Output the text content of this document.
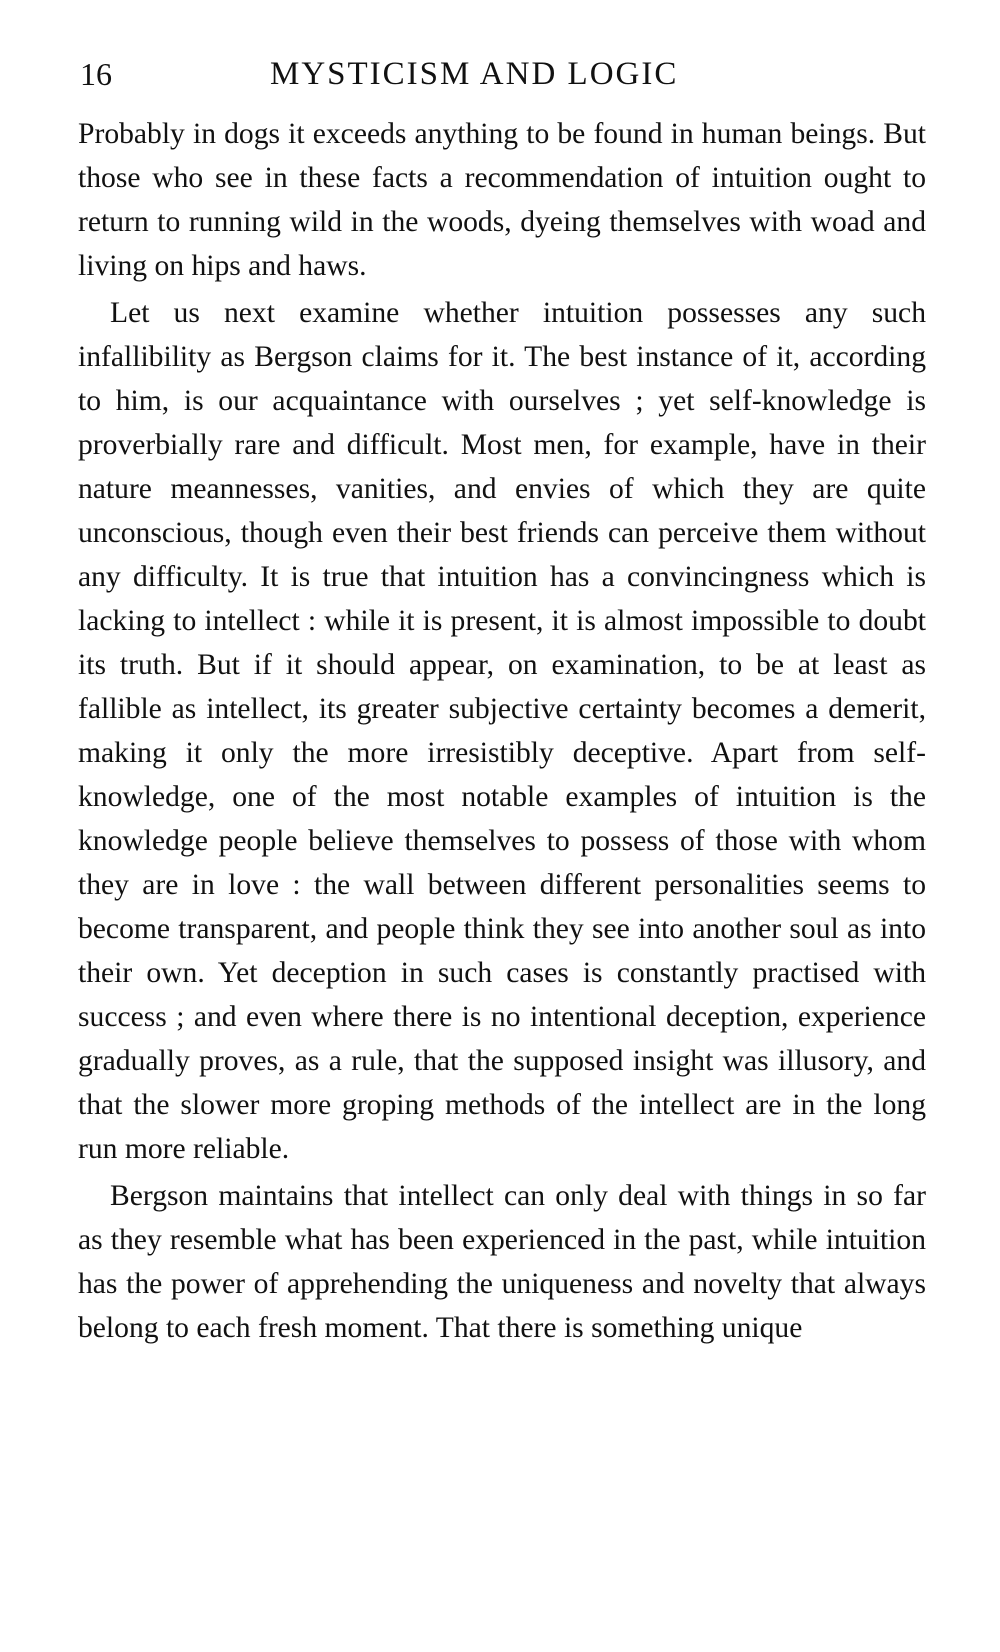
16	MYSTICISM AND LOGIC

Probably in dogs it exceeds anything to be found in human beings. But those who see in these facts a recommendation of intuition ought to return to running wild in the woods, dyeing themselves with woad and living on hips and haws.

Let us next examine whether intuition possesses any such infallibility as Bergson claims for it. The best instance of it, according to him, is our acquaintance with ourselves ; yet self-knowledge is proverbially rare and difficult. Most men, for example, have in their nature meannesses, vanities, and envies of which they are quite unconscious, though even their best friends can perceive them without any difficulty. It is true that intuition has a convincingness which is lacking to intellect : while it is present, it is almost impossible to doubt its truth. But if it should appear, on examination, to be at least as fallible as intellect, its greater subjective certainty becomes a demerit, making it only the more irresistibly deceptive. Apart from self-knowledge, one of the most notable examples of intuition is the knowledge people believe themselves to possess of those with whom they are in love : the wall between different personalities seems to become transparent, and people think they see into another soul as into their own. Yet deception in such cases is constantly practised with success ; and even where there is no intentional deception, experience gradually proves, as a rule, that the supposed insight was illusory, and that the slower more groping methods of the intellect are in the long run more reliable.

Bergson maintains that intellect can only deal with things in so far as they resemble what has been experienced in the past, while intuition has the power of apprehending the uniqueness and novelty that always belong to each fresh moment. That there is something unique
